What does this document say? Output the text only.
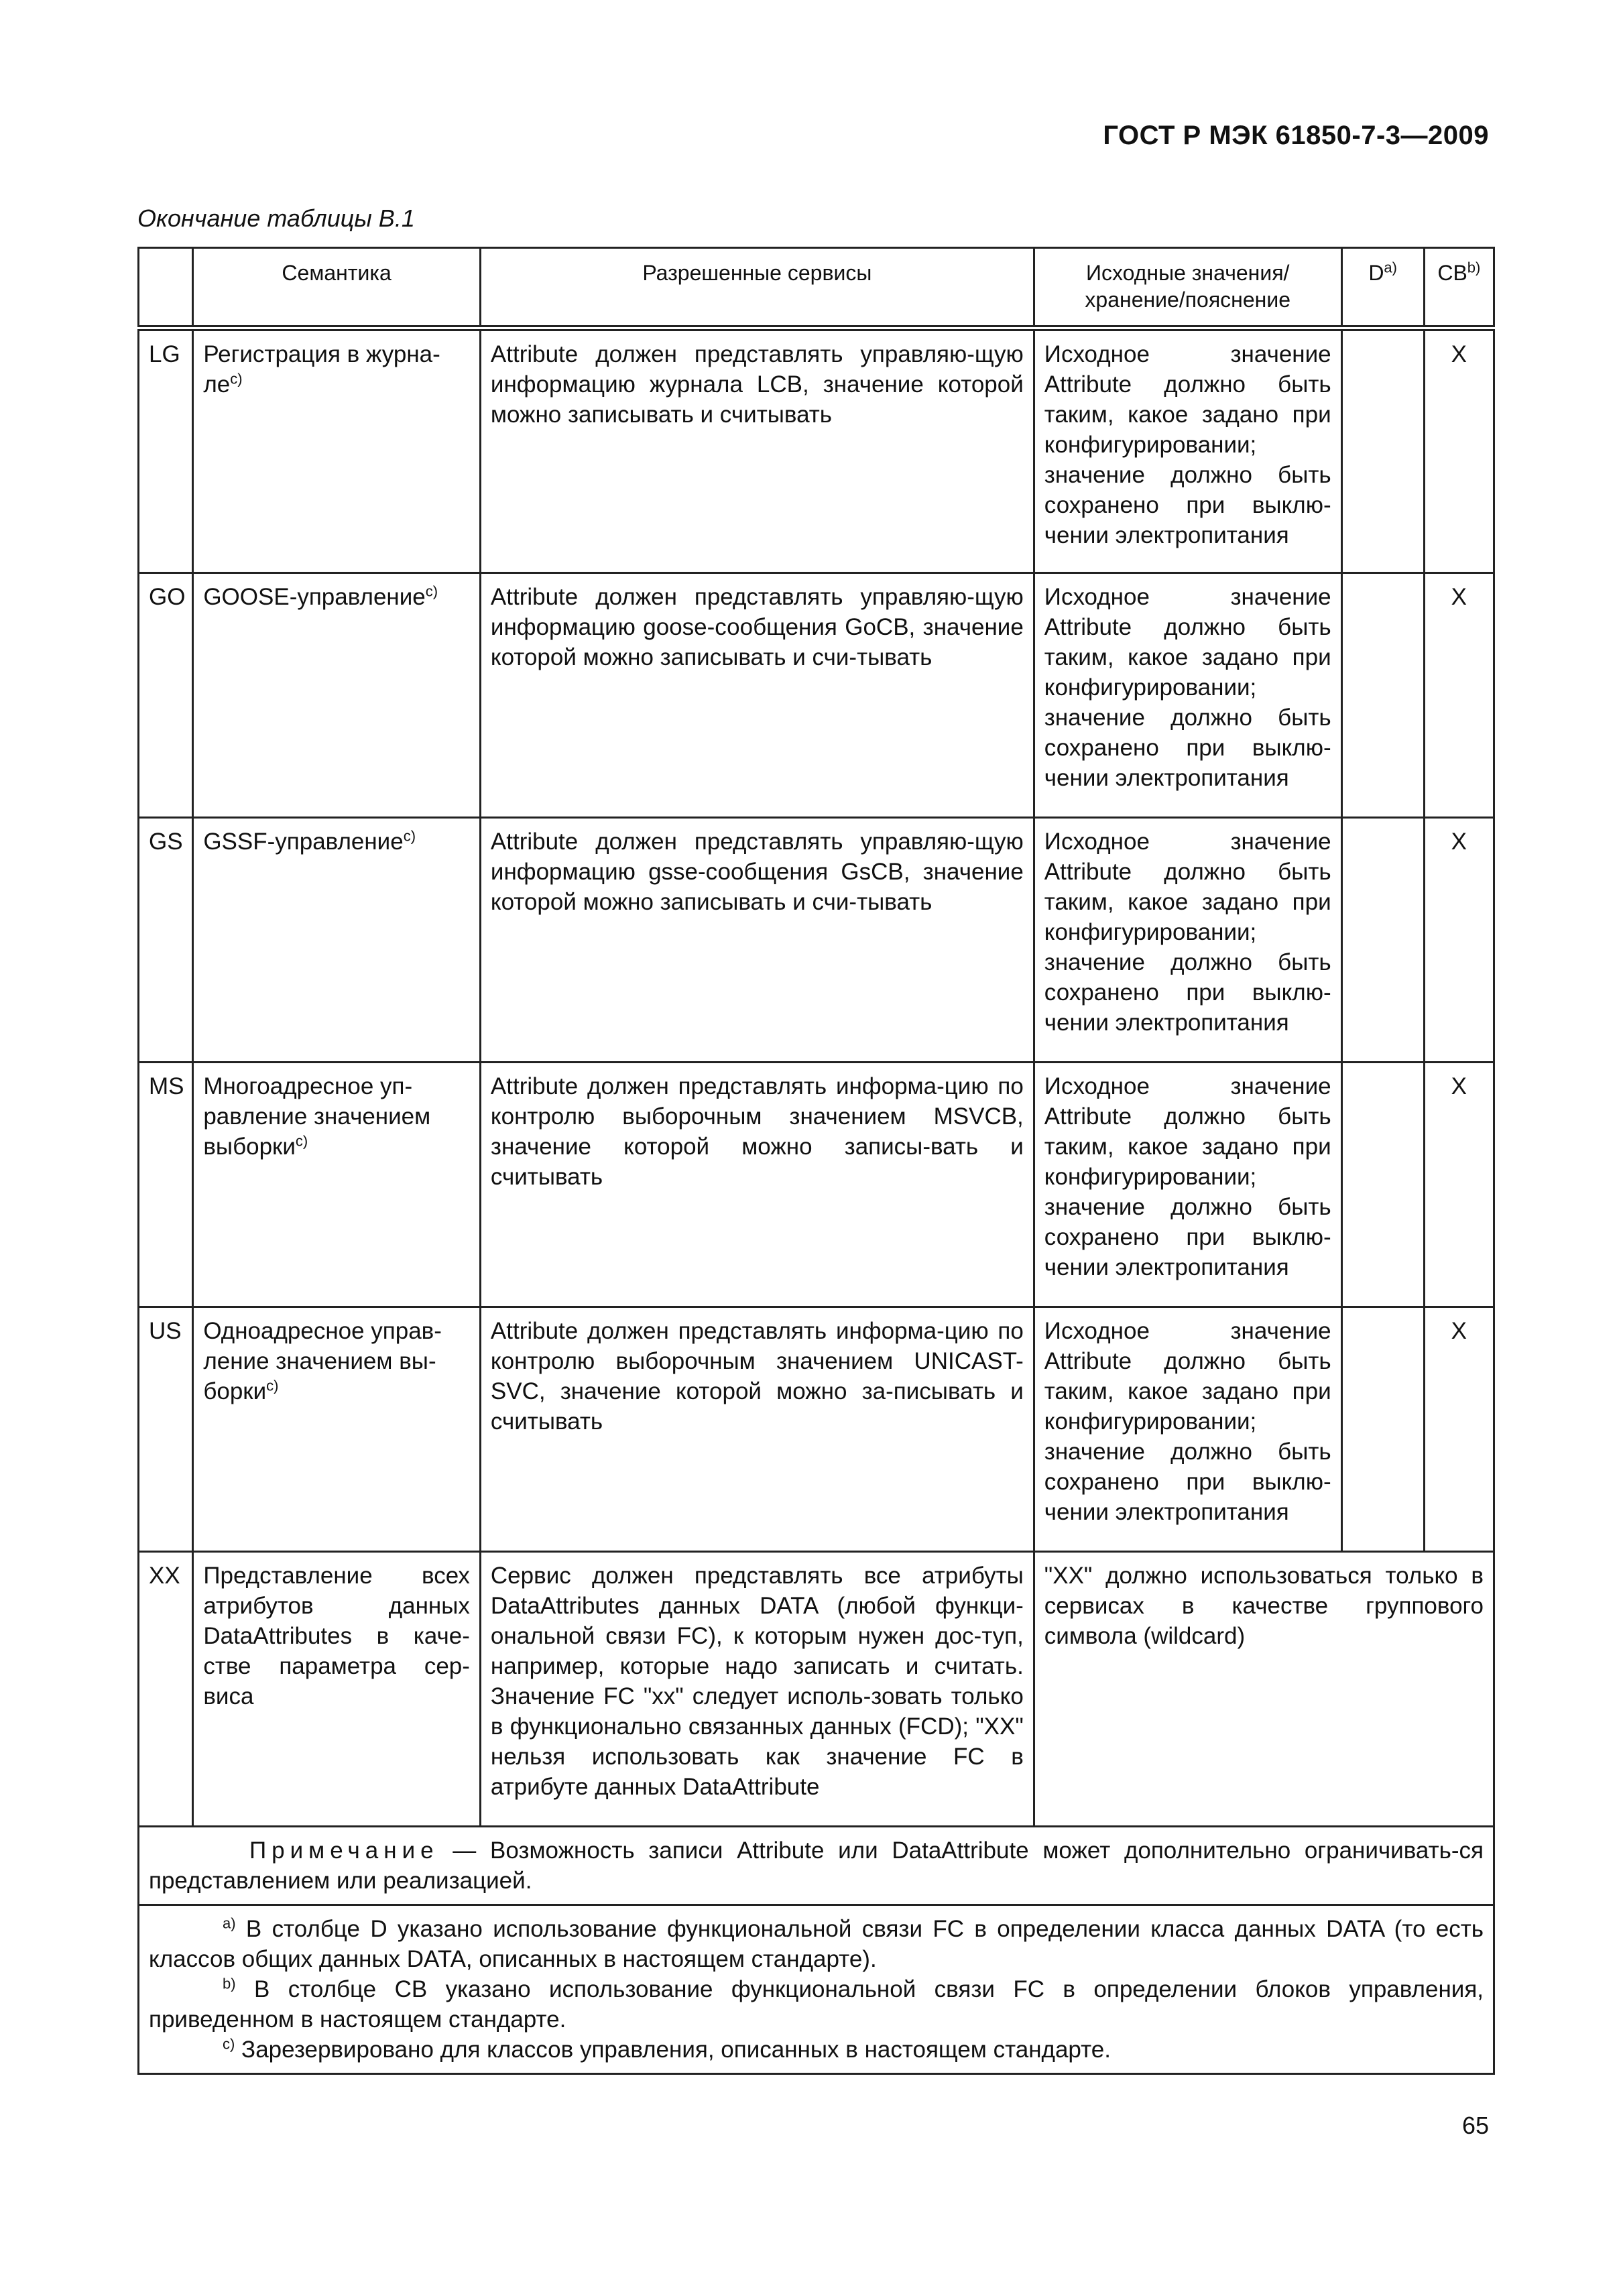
ГОСТ Р МЭК 61850-7-3—2009
Окончание таблицы В.1
	Семантика	Разрешенные сервисы	Исходные значения/ хранение/пояснение	$D^{a)}$	CB$^{b)}$
LG	Регистрация в журна-$ле^{c)}$	Attribute должен представлять управляю-щую информацию журнала LCB, значение которой можно записывать и считывать	Исходное значение Attribute должно быть таким, какое задано при конфигурировании; значение должно быть сохранено при выклю-чении электропитания		X
GO	GOOSE-управление$^{c)}$	Attribute должен представлять управляю-щую информацию goose-сообщения GoCB, значение которой можно записывать и счи-тывать	Исходное значение Attribute должно быть таким, какое задано при конфигурировании; значение должно быть сохранено при выклю-чении электропитания		X
GS	GSSF-управление$^{c)}$	Attribute должен представлять управляю-щую информацию gsse-сообщения GsCB, значение которой можно записывать и счи-тывать	Исходное значение Attribute должно быть таким, какое задано при конфигурировании; значение должно быть сохранено при выклю-чении электропитания		X
MS	Многоадресное уп-равление значением выборки$^{c)}$	Attribute должен представлять информа-цию по контролю выборочным значением MSVCB, значение которой можно записы-вать и считывать	Исходное значение Attribute должно быть таким, какое задано при конфигурировании; значение должно быть сохранено при выклю-чении электропитания		X
US	Одноадресное управ-ление значением вы-борки$^{c)}$	Attribute должен представлять информа-цию по контролю выборочным значением UNICAST-SVC, значение которой можно за-писывать и считывать	Исходное значение Attribute должно быть таким, какое задано при конфигурировании; значение должно быть сохранено при выклю-чении электропитания		X
XX	Представление всех атрибутов данных DataAttributes в каче-стве параметра сер-виса	Сервис должен представлять все атрибуты DataAttributes данных DATA (любой функци-ональной связи FC), к которым нужен дос-туп, например, которые надо записать и считать. Значение FC "xx" следует исполь-зовать только в функционально связанных данных (FCD); "XX" нельзя использовать как значение FC в атрибуте данных DataAttribute	"XX" должно использоваться только в сервисах в качестве группового символа (wildcard)		

Примечание — Возможность записи Attribute или DataAttribute может дополнительно ограничивать-ся представлением или реализацией.					

$^{a)}$ В столбце D указано использование функциональной связи FC в определении класса данных DATA (то есть классов общих данных DATA, описанных в настоящем стандарте).

$^{b)}$ В столбце CB указано использование функциональной связи FC в определении блоков управления, приведенном в настоящем стандарте.

$^{c)}$ Зарезервировано для классов управления, описанных в настоящем стандарте.					

65
